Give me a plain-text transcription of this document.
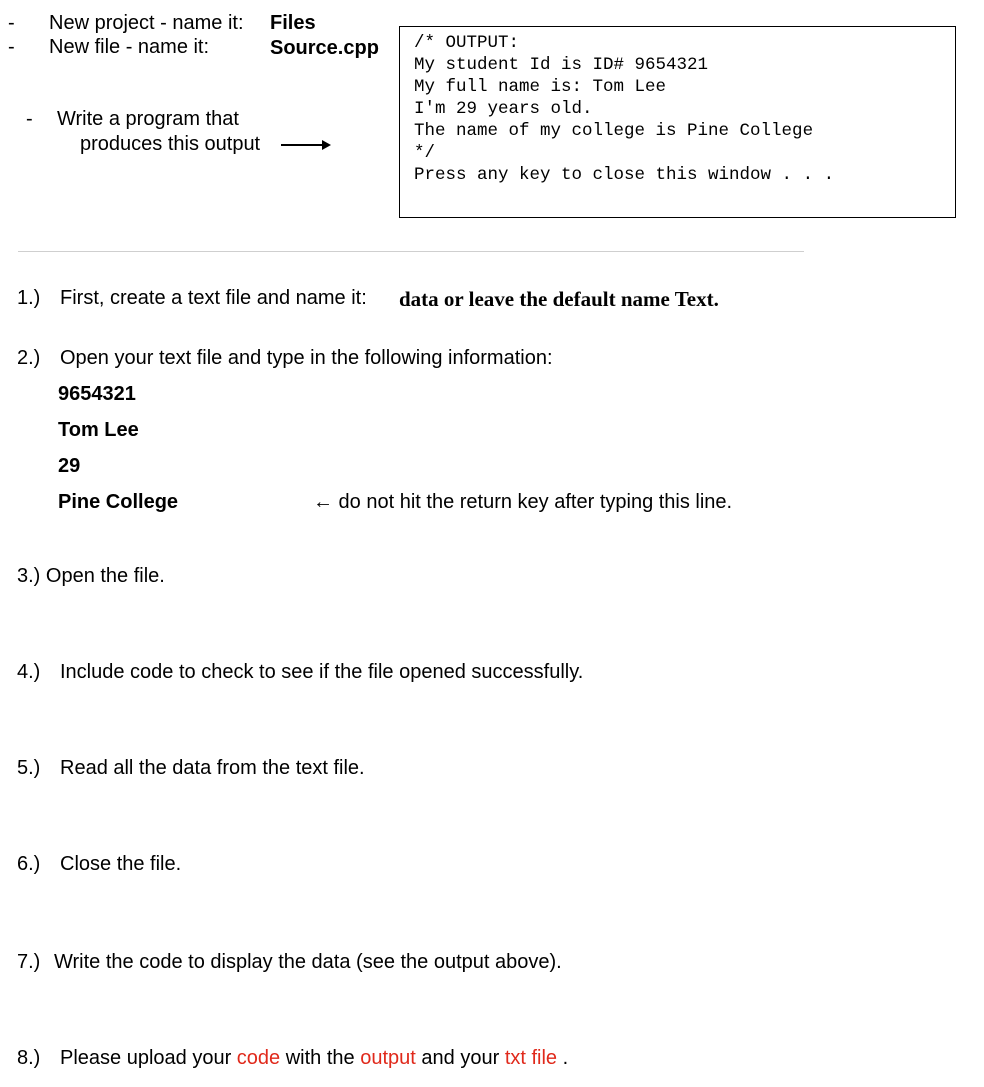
- New project - name it: Files
- New file - name it:	Source.cpp
- Write a program that
produces this output
/* OUTPUT:
My student Id is ID# 9654321
My full name is: Tom Lee
I'm 29 years old.
The name of my college is Pine College
*/
Press any key to close this window . . .
1.) First, create a text file and name it: data or leave the default name Text.
2.) Open your text file and type in the following information:
9654321
Tom Lee
29
Pine College	← do not hit the return key after typing this line.
3.) Open the file.
4.) Include code to check to see if the file opened successfully.
5.) Read all the data from the text file.
6.) Close the file.
7.) Write the code to display the data (see the output above).
8.) Please upload your code with the output and your txt file .
